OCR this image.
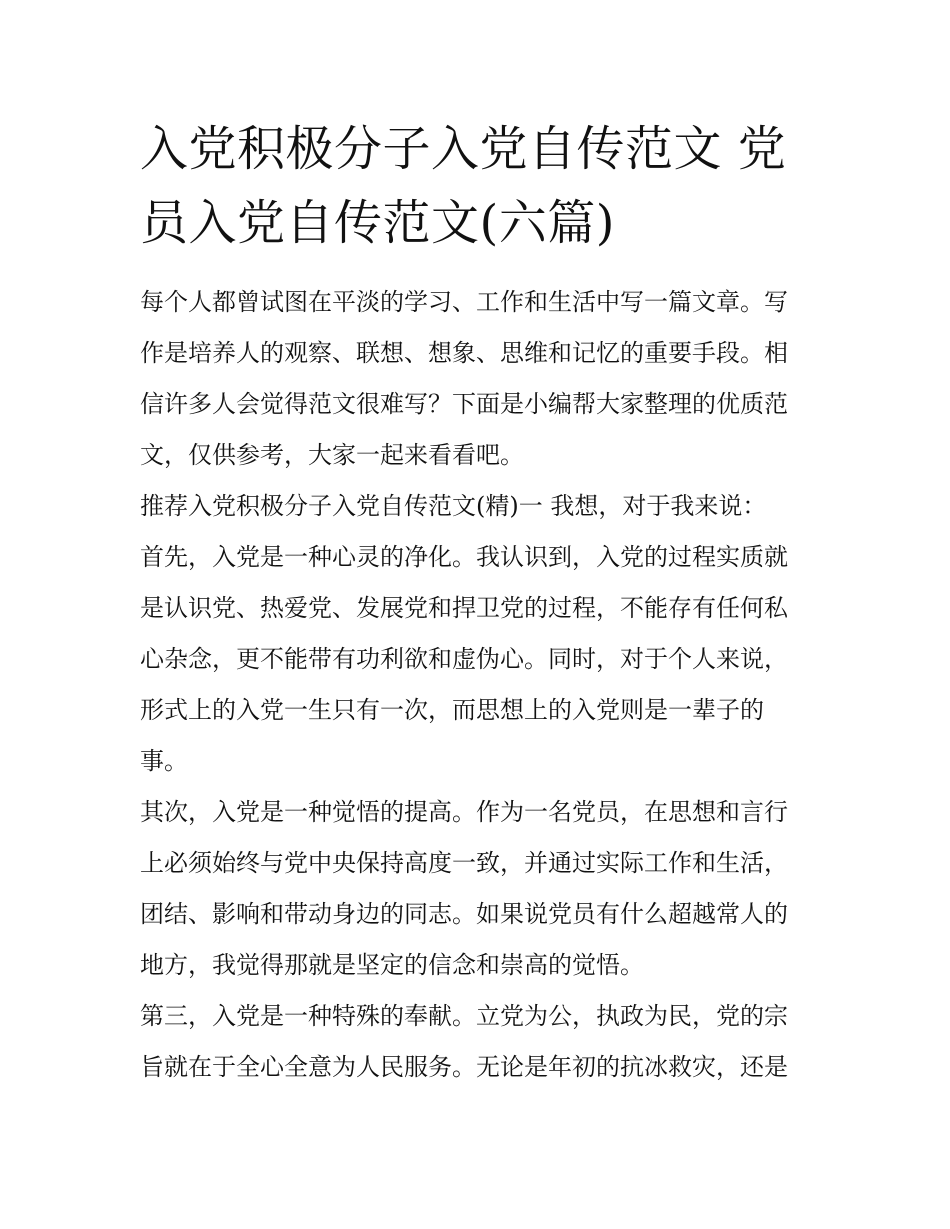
入党积极分子入党自传范文 党
员入党自传范文(六篇)
每个人都曾试图在平淡的学习、工作和生活中写一篇文章。写
作是培养人的观察、联想、想象、思维和记忆的重要手段。相
信许多人会觉得范文很难写？下面是小编帮大家整理的优质范
文，仅供参考，大家一起来看看吧。
推荐入党积极分子入党自传范文(精)一 我想，对于我来说：
首先，入党是一种心灵的净化。我认识到，入党的过程实质就
是认识党、热爱党、发展党和捍卫党的过程，不能存有任何私
心杂念，更不能带有功利欲和虚伪心。同时，对于个人来说，
形式上的入党一生只有一次，而思想上的入党则是一辈子的
事。
其次，入党是一种觉悟的提高。作为一名党员，在思想和言行
上必须始终与党中央保持高度一致，并通过实际工作和生活，
团结、影响和带动身边的同志。如果说党员有什么超越常人的
地方，我觉得那就是坚定的信念和崇高的觉悟。
第三，入党是一种特殊的奉献。立党为公，执政为民，党的宗
旨就在于全心全意为人民服务。无论是年初的抗冰救灾，还是
